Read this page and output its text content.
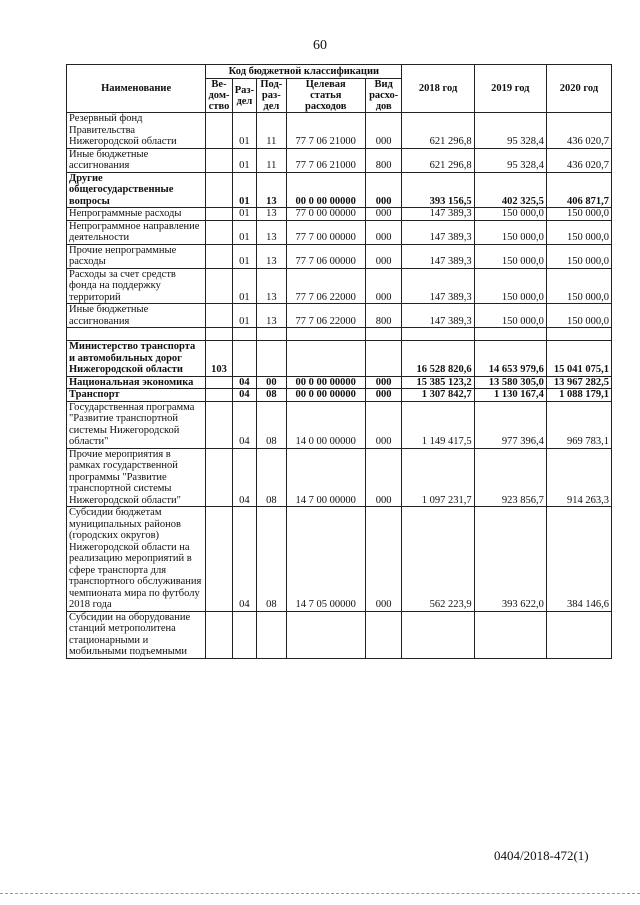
60
Наименование	Код бюджетной классификации					2018 год	2019 год	2020 год
	Ве-
дом-
ство	Раз-
дел	Под-
раз-
дел	Целевая
статья
расходов	Вид
расхо-
дов			
Резервный фонд Правительства Нижегородской области		01	11	77 7 06 21000	000	621 296,8	95 328,4	436 020,7
Иные бюджетные ассигнования		01	11	77 7 06 21000	800	621 296,8	95 328,4	436 020,7
Другие общегосударственные вопросы		01	13	00 0 00 00000	000	393 156,5	402 325,5	406 871,7
Непрограммные расходы		01	13	77 0 00 00000	000	147 389,3	150 000,0	150 000,0
Непрограммное направление деятельности		01	13	77 7 00 00000	000	147 389,3	150 000,0	150 000,0
Прочие непрограммные расходы		01	13	77 7 06 00000	000	147 389,3	150 000,0	150 000,0
Расходы за счет средств фонда на поддержку территорий		01	13	77 7 06 22000	000	147 389,3	150 000,0	150 000,0
Иные бюджетные ассигнования		01	13	77 7 06 22000	800	147 389,3	150 000,0	150 000,0

Министерство транспорта и автомобильных дорог Нижегородской области	103					16 528 820,6	14 653 979,6	15 041 075,1
Национальная экономика		04	00	00 0 00 00000	000	15 385 123,2	13 580 305,0	13 967 282,5
Транспорт		04	08	00 0 00 00000	000	1 307 842,7	1 130 167,4	1 088 179,1
Государственная программа "Развитие транспортной системы Нижегородской области"		04	08	14 0 00 00000	000	1 149 417,5	977 396,4	969 783,1
Прочие мероприятия в рамках государственной программы "Развитие транспортной системы Нижегородской области"		04	08	14 7 00 00000	000	1 097 231,7	923 856,7	914 263,3
Субсидии бюджетам муниципальных районов (городских округов) Нижегородской области на реализацию мероприятий в сфере транспорта для транспортного обслуживания чемпионата мира по футболу 2018 года		04	08	14 7 05 00000	000	562 223,9	393 622,0	384 146,6
Субсидии на оборудование станций метрополитена стационарными и мобильными подъемными								
0404/2018-472(1)
